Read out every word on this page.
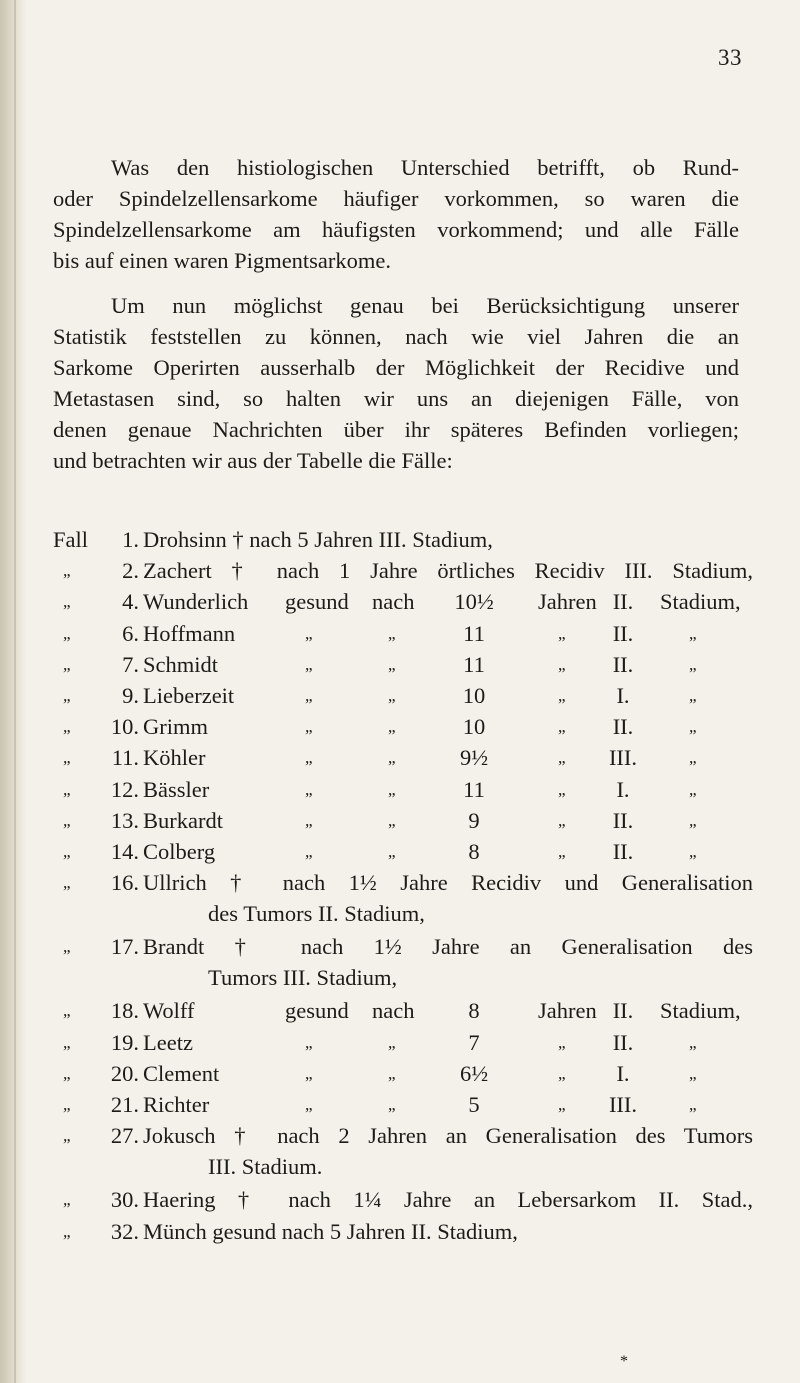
33

Was den histiologischen Unterschied betrifft, ob Rund-
oder Spindelzellensarkome häufiger vorkommen, so waren die
Spindelzellensarkome am häufigsten vorkommend; und alle Fälle
bis auf einen waren Pigmentsarkome.

Um nun möglichst genau bei Berücksichtigung unserer
Statistik feststellen zu können, nach wie viel Jahren die an
Sarkome Operirten ausserhalb der Möglichkeit der Recidive und
Metastasen sind, so halten wir uns an diejenigen Fälle, von
denen genaue Nachrichten über ihr späteres Befinden vorliegen;
und betrachten wir aus der Tabelle die Fälle:

Fall	1. Drohsinn † nach 5 Jahren III. Stadium,
„	2. Zachert † nach 1 Jahre örtliches Recidiv III. Stadium,
„	4. Wunderlich gesund nach	10½	Jahren II.	Stadium,
„	6. Hoffmann	„	„	11	„	II.	„
„	7. Schmidt	„	„	11	„	II.	„
„	9. Lieberzeit	„	„	10	„	I.	„
„	10. Grimm	„	„	10	„	II.	„
„	11. Köhler	„	„	9½	„	III.	„
„	12. Bässler	„	„	11	„	I.	„
„	13. Burkardt	„	„	9	„	II.	„
„	14. Colberg	„	„	8	„	II.	„
„	16. Ullrich † nach 1½ Jahre Recidiv und Generalisation
des Tumors II. Stadium,
„	17. Brandt † nach 1½ Jahre an Generalisation des
Tumors III. Stadium,
„	18. Wolff	gesund nach	8	Jahren II.	Stadium,
„	19. Leetz	„	„	7	„	II.	„
„	20. Clement	„	„	6½	„	I.	„
„	21. Richter	„	„	5	„	III.	„
„	27. Jokusch † nach 2 Jahren an Generalisation des Tumors
III. Stadium.
„	30. Haering † nach 1¼ Jahre an Lebersarkom II. Stad.,
„	32. Münch gesund nach 5 Jahren II. Stadium,
*
